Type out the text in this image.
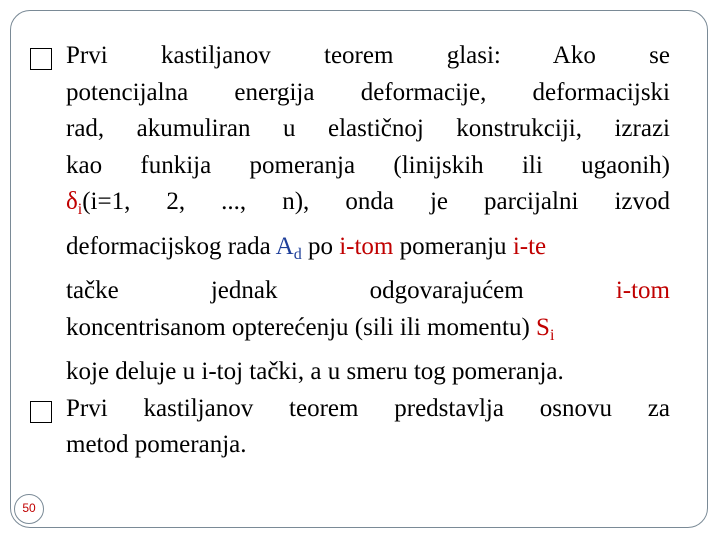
Prvi kastiljanov teorem glasi: Ako se
potencijalna energija deformacije, deformacijski
rad, akumuliran u elastičnoj konstrukciji, izrazi
kao funkija pomeranja (linijskih ili ugaonih)
$\delta_i(i=1$, 2, ..., n), onda je parcijalni izvod
deformacijskog rada $A_d$ po i-tom pomeranju i-te
tačke jednak odgovarajućem i-tom
koncentrisanom opterećenju (sili ili momentu) $S_i$
koje deluje u i-toj tački, a u smeru tog pomeranja.
Prvi kastiljanov teorem predstavlja osnovu za
metod pomeranja.
50
